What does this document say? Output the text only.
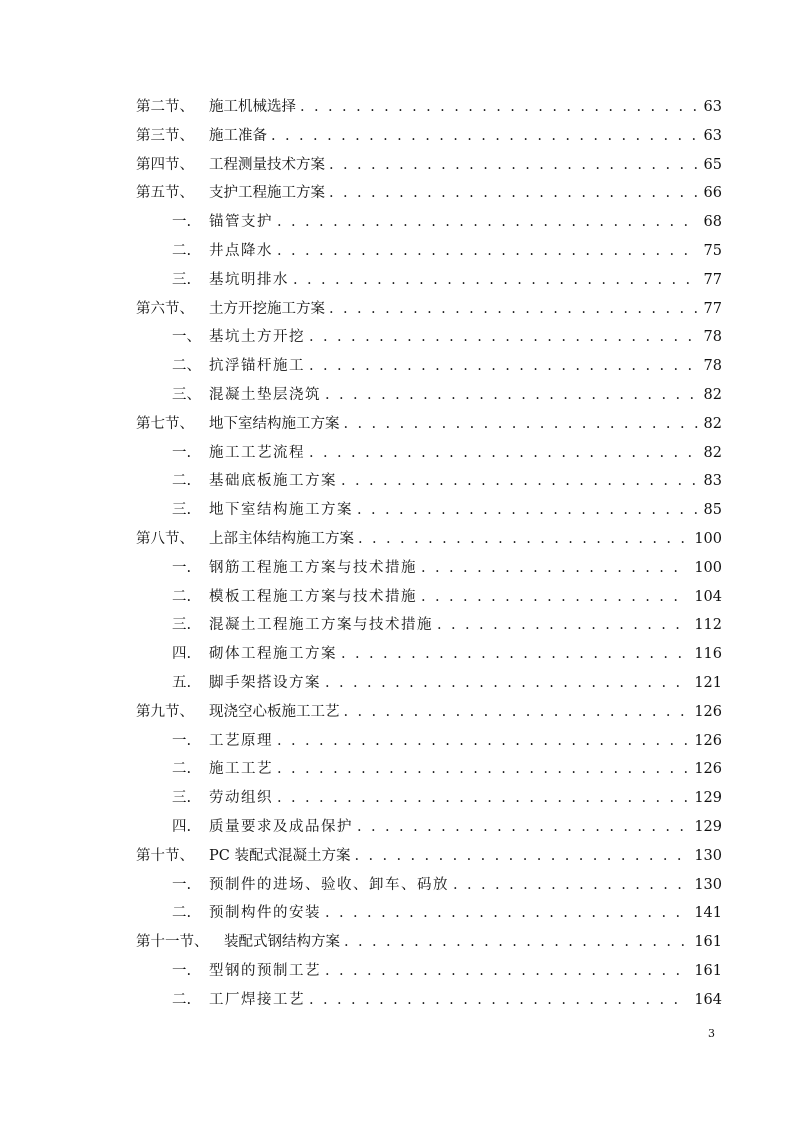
第二节、	施工机械选择 . . .	63
第三节、	施工准备 . . .	63
第四节、	工程测量技术方案 . . .	65
第五节、	支护工程施工方案 . . .	66
一.	锚管支护 . . .	68
二.	井点降水 . . .	75
三.	基坑明排水 . . .	77
第六节、	土方开挖施工方案 . . .	77
一、 基坑土方开挖 . . .	78
二、 抗浮锚杆施工 . . .	78
三、 混凝土垫层浇筑 . . .	82
第七节、	地下室结构施工方案 . . .	82
一.	施工工艺流程 . . .	82
二.	基础底板施工方案 . . .	83
三.	地下室结构施工方案 . . .	85
第八节、	上部主体结构施工方案 . . .	100
一.	钢筋工程施工方案与技术措施 . . .	100
二.	模板工程施工方案与技术措施 . . .	104
三.	混凝土工程施工方案与技术措施 . . .	112
四.	砌体工程施工方案 . . .	116
五.	脚手架搭设方案 . . .	121
第九节、	现浇空心板施工工艺 . . .	126
一.	工艺原理 . . .	126
二.	施工工艺 . . .	126
三.	劳动组织 . . .	129
四.	质量要求及成品保护 . . .	129
第十节、	PC 装配式混凝土方案 . . .	130
一.	预制件的进场、验收、卸车、码放 . . .	130
二.	预制构件的安装 . . .	141
第十一节、	装配式钢结构方案 . . .	161
一.	型钢的预制工艺 . . .	161
二.	工厂焊接工艺 . . .	164
3
